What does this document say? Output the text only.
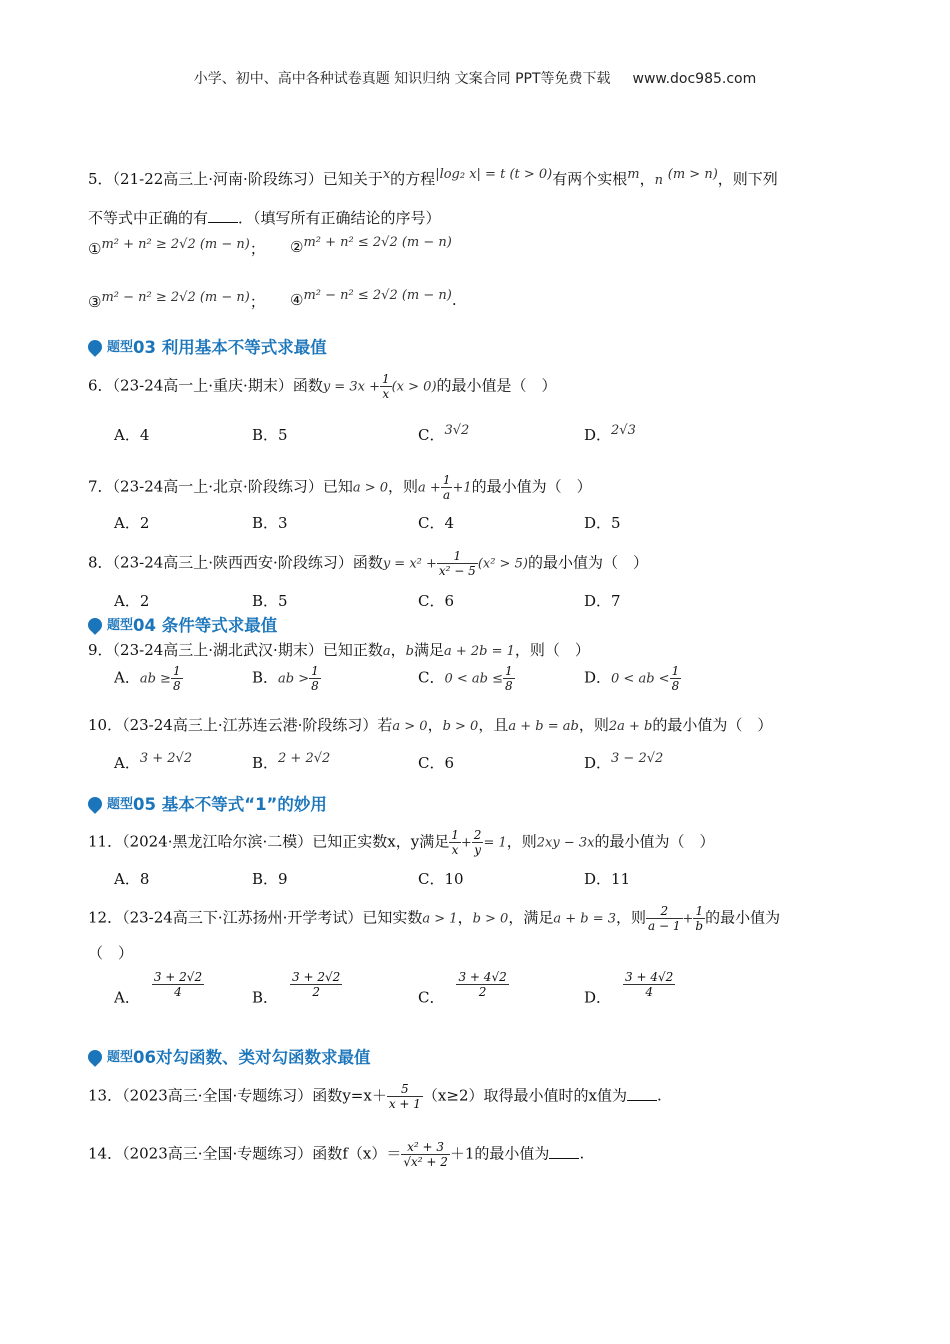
小学、初中、高中各种试卷真题 知识归纳 文案合同 PPT等免费下载 www.doc985.com
5．（21-22高三上·河南·阶段练习）已知关于x的方程|log₂ x| = t (t > 0)有两个实根m，n (m > n)，则下列
不等式中正确的有 ．（填写所有正确结论的序号）
①m² + n² ≥ 2√2 (m − n)； ②m² + n² ≤ 2√2 (m − n)
③m² − n² ≥ 2√2 (m − n)； ④m² − n² ≤ 2√2 (m − n).
题型03 利用基本不等式求最值
6．（23-24高一上·重庆·期末）函数$y = 3x + \frac{1}{x} (x > 0)$的最小值是（　）
A．4	B．5	C．3√2	D．2√3
7．（23-24高一上·北京·阶段练习）已知a > 0，则$a + \frac{1}{a} +1$的最小值为（　）
A．2	B．3	C．4	D．5
8．（23-24高三上·陕西西安·阶段练习）函数$y = x^2 + \frac{1}{\text{x² − 5}} (x^2 > 5)$的最小值为（　）
A．2	B．5	C．6	D．7
题型04 条件等式求最值
9．（23-24高三上·湖北武汉·期末）已知正数a，b满足a + 2b = 1，则（　）
A．ab ≥ $\frac{1}{8}$	B．ab > $\frac{1}{8}$	C．0 < ab ≤ $\frac{1}{8}$	D．0 < ab < $\frac{1}{8}$
10．（23-24高三上·江苏连云港·阶段练习）若a > 0，b > 0，且a + b = ab，则2a + b的最小值为（　）
A．3 + 2√2	B．2 + 2√2	C．6	D．3 − 2√2
题型05 基本不等式“1”的妙用
11．（2024·黑龙江哈尔滨·二模）已知正实数x，y满足 $\frac{1}{x} + \frac{2}{y} = 1$，则2xy − 3x的最小值为（　）
A．8	B．9	C．10	D．11
12．（23-24高三下·江苏扬州·开学考试）已知实数a > 1，b > 0，满足a + b = 3，则 $\frac{2}{a - 1} + \frac{1}{b}$ 的最小值为
（　）
A． $\frac{3 + 2√2}{4}$	B． $\frac{3 + 2√2}{2}$	C． $\frac{3 + 4√2}{2}$	D． $\frac{3 + 4√2}{4}$
题型06对勾函数、类对勾函数求最值
13．（2023高三·全国·专题练习）函数$y=x+ \frac{5}{x + 1} (x\ge 2)$取得最小值时的x值为 .
14．（2023高三·全国·专题练习）函数$f(x)= \frac{\text{x² + 3}}{\text{√x² + 2}} +1$的最小值为 .
